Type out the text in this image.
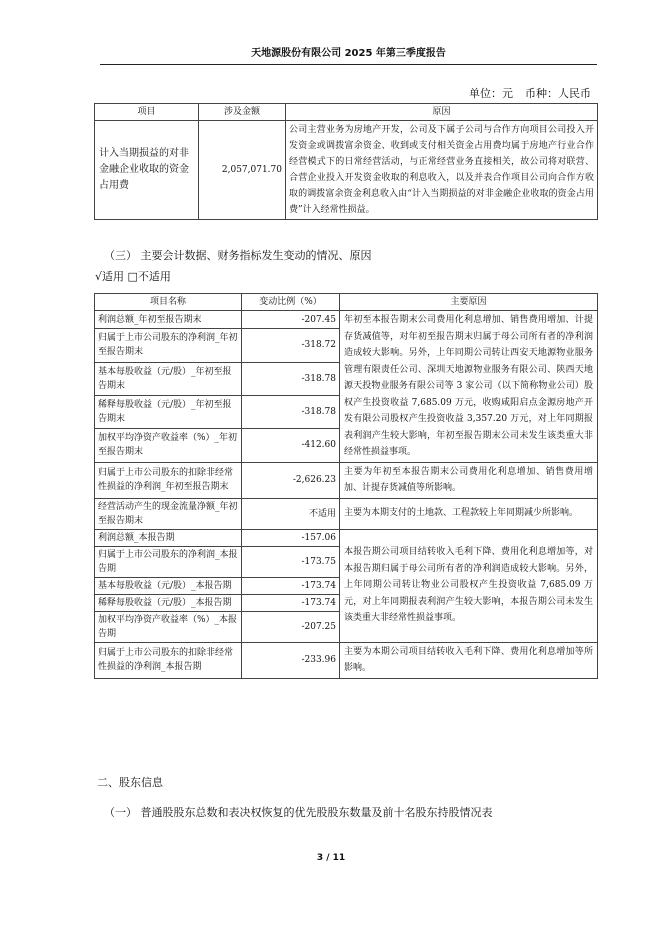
天地源股份有限公司 2025 年第三季度报告
单位：元 币种：人民币
项目	涉及金额	原因
计入当期损益的对非金融企业收取的资金占用费	2,057,071.70	公司主营业务为房地产开发，公司及下属子公司与合作方向项目公司投入开发资金或调拨富余资金、收到或支付相关资金占用费均属于房地产行业合作经营模式下的日常经营活动，与正常经营业务直接相关，故公司将对联营、合营企业投入开发资金收取的利息收入，以及并表合作项目公司向合作方收取的调拨富余资金利息收入由“计入当期损益的对非金融企业收取的资金占用费”计入经常性损益。
（三） 主要会计数据、财务指标发生变动的情况、原因
√适用 □不适用
项目名称	变动比例（%）	主要原因
利润总额_年初至报告期末	-207.45	年初至本报告期末公司费用化利息增加、销售费用增加、计提存货减值等，对年初至报告期末归属于母公司所有者的净利润造成较大影响。另外，上年同期公司转让西安天地源物业服务管理有限责任公司、深圳天地源物业服务有限公司、陕西天地源天投物业服务有限公司等 3 家公司（以下简称物业公司）股权产生投资收益 7,685.09 万元，收购咸阳启点金源房地产开发有限公司股权产生投资收益 3,357.20 万元，对上年同期报表利润产生较大影响，年初至报告期末公司未发生该类重大非经常性损益事项。
归属于上市公司股东的净利润_年初至报告期末	-318.72	
基本每股收益（元/股）_年初至报告期末	-318.78	
稀释每股收益（元/股）_年初至报告期末	-318.78	
加权平均净资产收益率（%）_年初至报告期末	-412.60	
归属于上市公司股东的扣除非经常性损益的净利润_年初至报告期末	-2,626.23	主要为年初至本报告期末公司费用化利息增加、销售费用增加、计提存货减值等所影响。
经营活动产生的现金流量净额_年初至报告期末	不适用	主要为本期支付的土地款、工程款较上年同期减少所影响。
利润总额_本报告期	-157.06	本报告期公司项目结转收入毛利下降、费用化利息增加等，对本报告期归属于母公司所有者的净利润造成较大影响。另外，上年同期公司转让物业公司股权产生投资收益 7,685.09 万元，对上年同期报表利润产生较大影响，本报告期公司未发生该类重大非经常性损益事项。
归属于上市公司股东的净利润_本报告期	-173.75	
基本每股收益（元/股）_本报告期	-173.74	
稀释每股收益（元/股）_本报告期	-173.74	
加权平均净资产收益率（%）_本报告期	-207.25	
归属于上市公司股东的扣除非经常性损益的净利润_本报告期	-233.96	主要为本期公司项目结转收入毛利下降、费用化利息增加等所影响。
二、股东信息
（一） 普通股股东总数和表决权恢复的优先股股东数量及前十名股东持股情况表
3 / 11
